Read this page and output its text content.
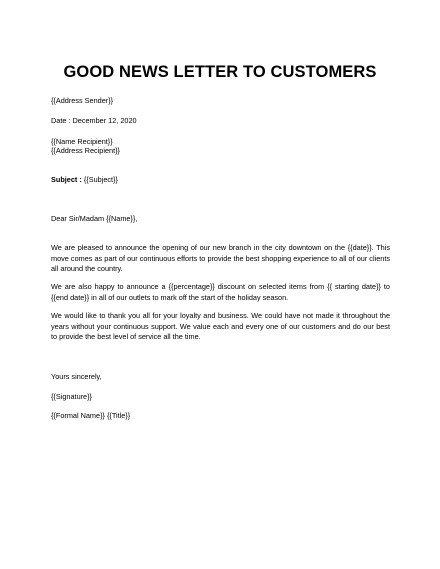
GOOD NEWS LETTER TO CUSTOMERS
{{Address Sender}}
Date : December 12, 2020
{{Name Recipient}}
{{Address Recipient}}
Subject : {{Subject}}
Dear Sir/Madam {{Name}},
We are pleased to announce the opening of our new branch in the city downtown on the {{date}}. This move comes as part of our continuous efforts to provide the best shopping experience to all of our clients all around the country.
We are also happy to announce a {{percentage}} discount on selected items from {{ starting date}} to {{end date}} in all of our outlets to mark off the start of the holiday season.
We would like to thank you all for your loyalty and business. We could have not made it throughout the years without your continuous support. We value each and every one of our customers and do our best to provide the best level of service all the time.
Yours sincerely,
{{Signature}}
{{Formal Name}} {{Title}}
